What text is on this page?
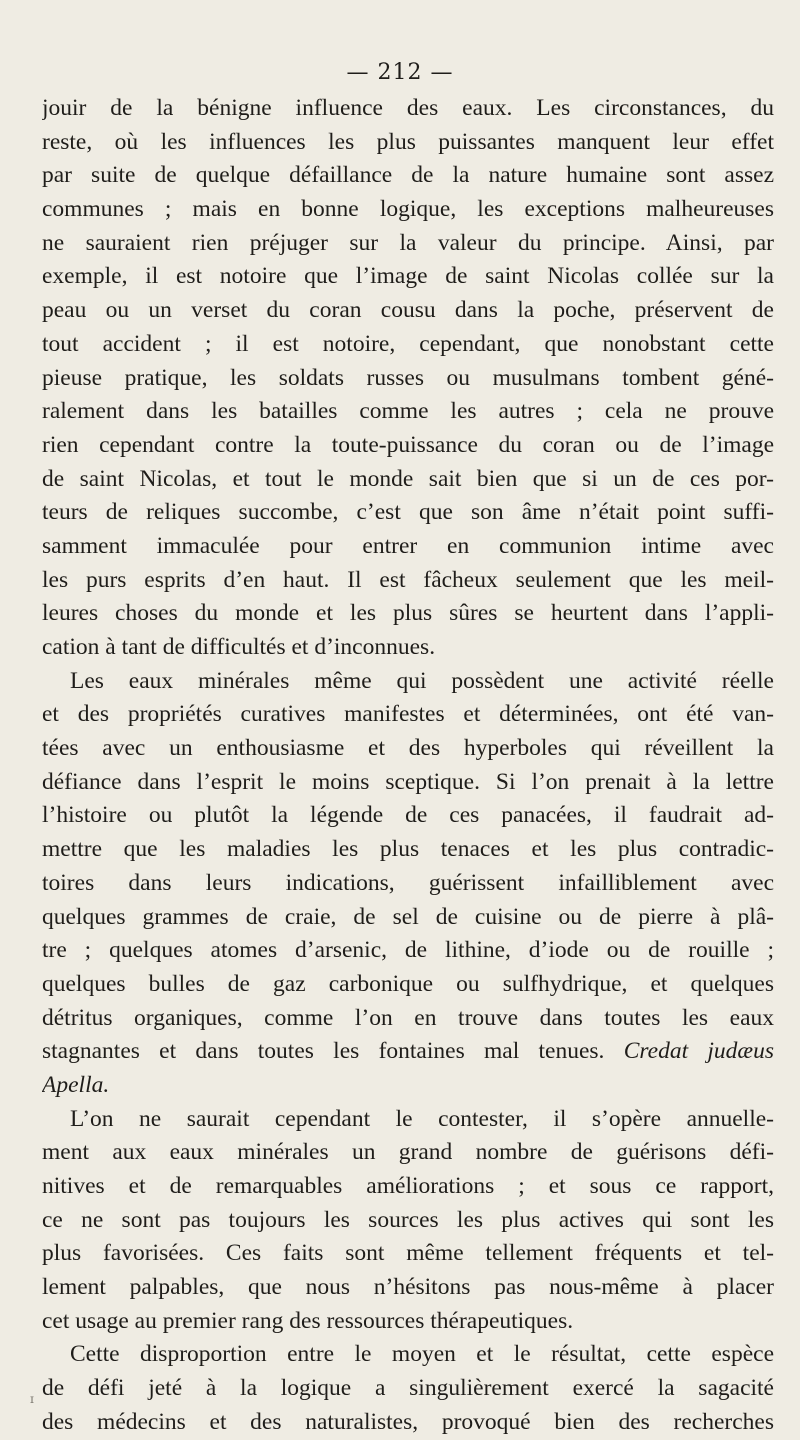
— 212 —
jouir de la bénigne influence des eaux. Les circonstances, du
reste, où les influences les plus puissantes manquent leur effet
par suite de quelque défaillance de la nature humaine sont assez
communes ; mais en bonne logique, les exceptions malheureuses
ne sauraient rien préjuger sur la valeur du principe. Ainsi, par
exemple, il est notoire que l’image de saint Nicolas collée sur la
peau ou un verset du coran cousu dans la poche, préservent de
tout accident ; il est notoire, cependant, que nonobstant cette
pieuse pratique, les soldats russes ou musulmans tombent géné-
ralement dans les batailles comme les autres ; cela ne prouve
rien cependant contre la toute-puissance du coran ou de l’image
de saint Nicolas, et tout le monde sait bien que si un de ces por-
teurs de reliques succombe, c’est que son âme n’était point suffi-
samment immaculée pour entrer en communion intime avec
les purs esprits d’en haut. Il est fâcheux seulement que les meil-
leures choses du monde et les plus sûres se heurtent dans l’appli-
cation à tant de difficultés et d’inconnues.
Les eaux minérales même qui possèdent une activité réelle
et des propriétés curatives manifestes et déterminées, ont été van-
tées avec un enthousiasme et des hyperboles qui réveillent la
défiance dans l’esprit le moins sceptique. Si l’on prenait à la lettre
l’histoire ou plutôt la légende de ces panacées, il faudrait ad-
mettre que les maladies les plus tenaces et les plus contradic-
toires dans leurs indications, guérissent infailliblement avec
quelques grammes de craie, de sel de cuisine ou de pierre à plâ-
tre ; quelques atomes d’arsenic, de lithine, d’iode ou de rouille ;
quelques bulles de gaz carbonique ou sulfhydrique, et quelques
détritus organiques, comme l’on en trouve dans toutes les eaux
stagnantes et dans toutes les fontaines mal tenues. Credat judæus
Apella.
L’on ne saurait cependant le contester, il s’opère annuelle-
ment aux eaux minérales un grand nombre de guérisons défi-
nitives et de remarquables améliorations ; et sous ce rapport,
ce ne sont pas toujours les sources les plus actives qui sont les
plus favorisées. Ces faits sont même tellement fréquents et tel-
lement palpables, que nous n’hésitons pas nous-même à placer
cet usage au premier rang des ressources thérapeutiques.
Cette disproportion entre le moyen et le résultat, cette espèce
de défi jeté à la logique a singulièrement exercé la sagacité
des médecins et des naturalistes, provoqué bien des recherches
ɪ
